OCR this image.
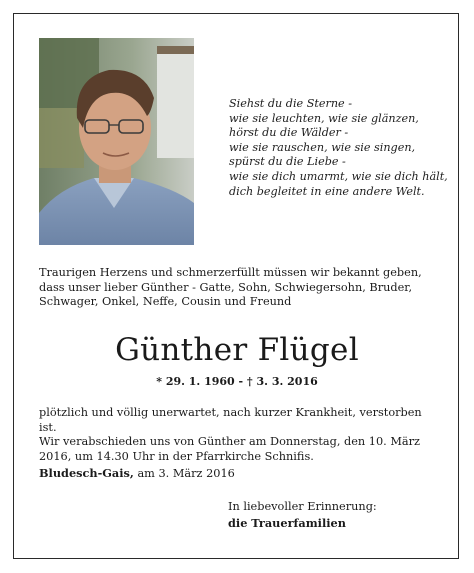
Siehst du die Sterne -
wie sie leuchten, wie sie glänzen,
hörst du die Wälder -
wie sie rauschen, wie sie singen,
spürst du die Liebe -
wie sie dich umarmt, wie sie dich hält,
dich begleitet in eine andere Welt.
Traurigen Herzens und schmerzerfüllt müssen wir bekannt geben, dass unser lieber Günther - Gatte, Sohn, Schwiegersohn, Bruder, Schwager, Onkel, Neffe, Cousin und Freund
Günther Flügel
* 29. 1. 1960 - † 3. 3. 2016
plötzlich und völlig unerwartet, nach kurzer Krankheit, verstorben ist.
Wir verabschieden uns von Günther am Donnerstag, den 10. März 2016, um 14.30 Uhr in der Pfarrkirche Schnifis.
Bludesch-Gais, am 3. März 2016
In liebevoller Erinnerung:
die Trauerfamilien
